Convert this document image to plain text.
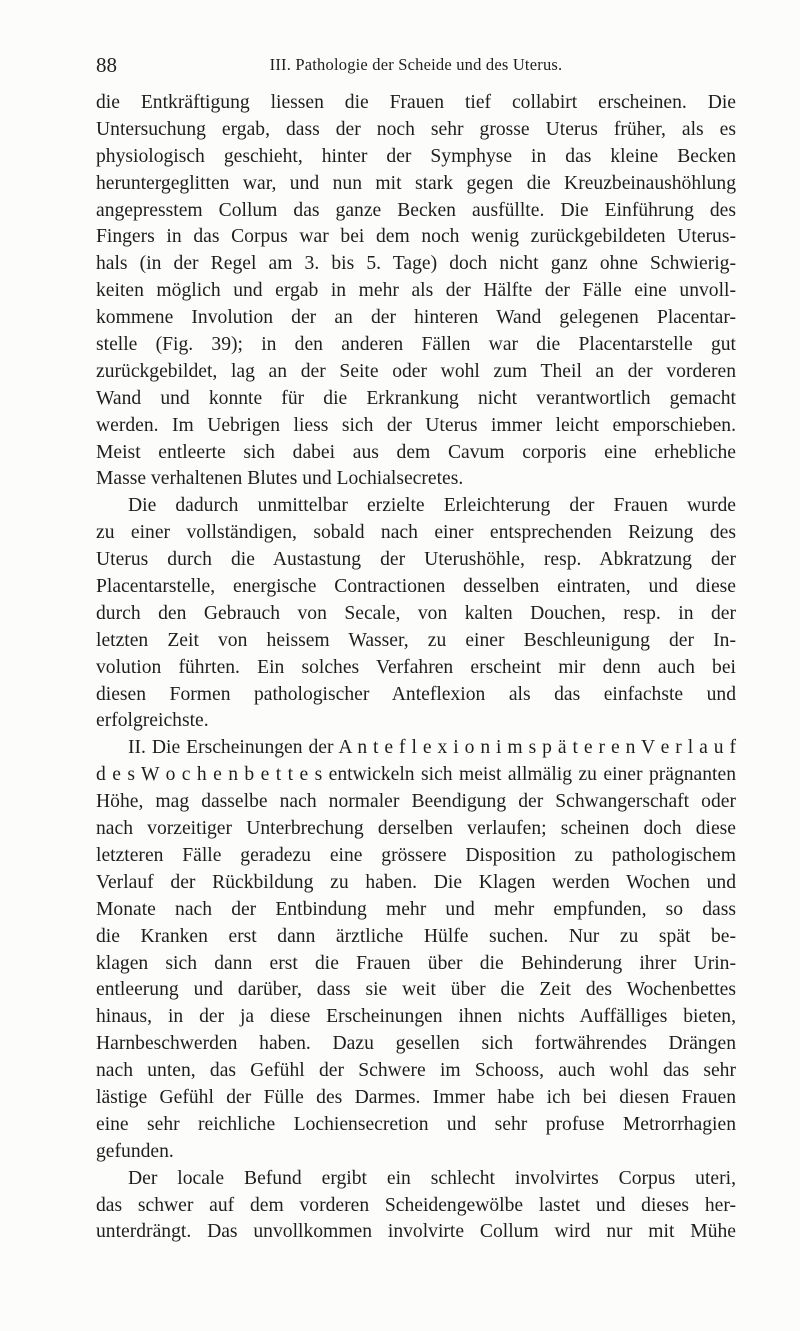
88	III. Pathologie der Scheide und des Uterus.
die Entkräftigung liessen die Frauen tief collabirt erscheinen. Die
Untersuchung ergab, dass der noch sehr grosse Uterus früher, als es
physiologisch geschieht, hinter der Symphyse in das kleine Becken
heruntergeglitten war, und nun mit stark gegen die Kreuzbeinaushöhlung
angepresstem Collum das ganze Becken ausfüllte. Die Einführung des
Fingers in das Corpus war bei dem noch wenig zurückgebildeten Uterus-
hals (in der Regel am 3. bis 5. Tage) doch nicht ganz ohne Schwierig-
keiten möglich und ergab in mehr als der Hälfte der Fälle eine unvoll-
kommene Involution der an der hinteren Wand gelegenen Placentar-
stelle (Fig. 39); in den anderen Fällen war die Placentarstelle gut
zurückgebildet, lag an der Seite oder wohl zum Theil an der vorderen
Wand und konnte für die Erkrankung nicht verantwortlich gemacht
werden. Im Uebrigen liess sich der Uterus immer leicht emporschieben.
Meist entleerte sich dabei aus dem Cavum corporis eine erhebliche
Masse verhaltenen Blutes und Lochialsecretes.
Die dadurch unmittelbar erzielte Erleichterung der Frauen wurde
zu einer vollständigen, sobald nach einer entsprechenden Reizung des
Uterus durch die Austastung der Uterushöhle, resp. Abkratzung der
Placentarstelle, energische Contractionen desselben eintraten, und diese
durch den Gebrauch von Secale, von kalten Douchen, resp. in der
letzten Zeit von heissem Wasser, zu einer Beschleunigung der In-
volution führten. Ein solches Verfahren erscheint mir denn auch bei
diesen Formen pathologischer Anteflexion als das einfachste und
erfolgreichste.
II. Die Erscheinungen der A n t e f l e x i o n i m s p ä t e r e n V e r l a u f
d e s W o c h e n b e t t e s entwickeln sich meist allmälig zu einer prägnanten
Höhe, mag dasselbe nach normaler Beendigung der Schwangerschaft oder
nach vorzeitiger Unterbrechung derselben verlaufen; scheinen doch diese
letzteren Fälle geradezu eine grössere Disposition zu pathologischem
Verlauf der Rückbildung zu haben. Die Klagen werden Wochen und
Monate nach der Entbindung mehr und mehr empfunden, so dass
die Kranken erst dann ärztliche Hülfe suchen. Nur zu spät be-
klagen sich dann erst die Frauen über die Behinderung ihrer Urin-
entleerung und darüber, dass sie weit über die Zeit des Wochenbettes
hinaus, in der ja diese Erscheinungen ihnen nichts Auffälliges bieten,
Harnbeschwerden haben. Dazu gesellen sich fortwährendes Drängen
nach unten, das Gefühl der Schwere im Schooss, auch wohl das sehr
lästige Gefühl der Fülle des Darmes. Immer habe ich bei diesen Frauen
eine sehr reichliche Lochiensecretion und sehr profuse Metrorrhagien
gefunden.
Der locale Befund ergibt ein schlecht involvirtes Corpus uteri,
das schwer auf dem vorderen Scheidengewölbe lastet und dieses her-
unterdrängt. Das unvollkommen involvirte Collum wird nur mit Mühe
